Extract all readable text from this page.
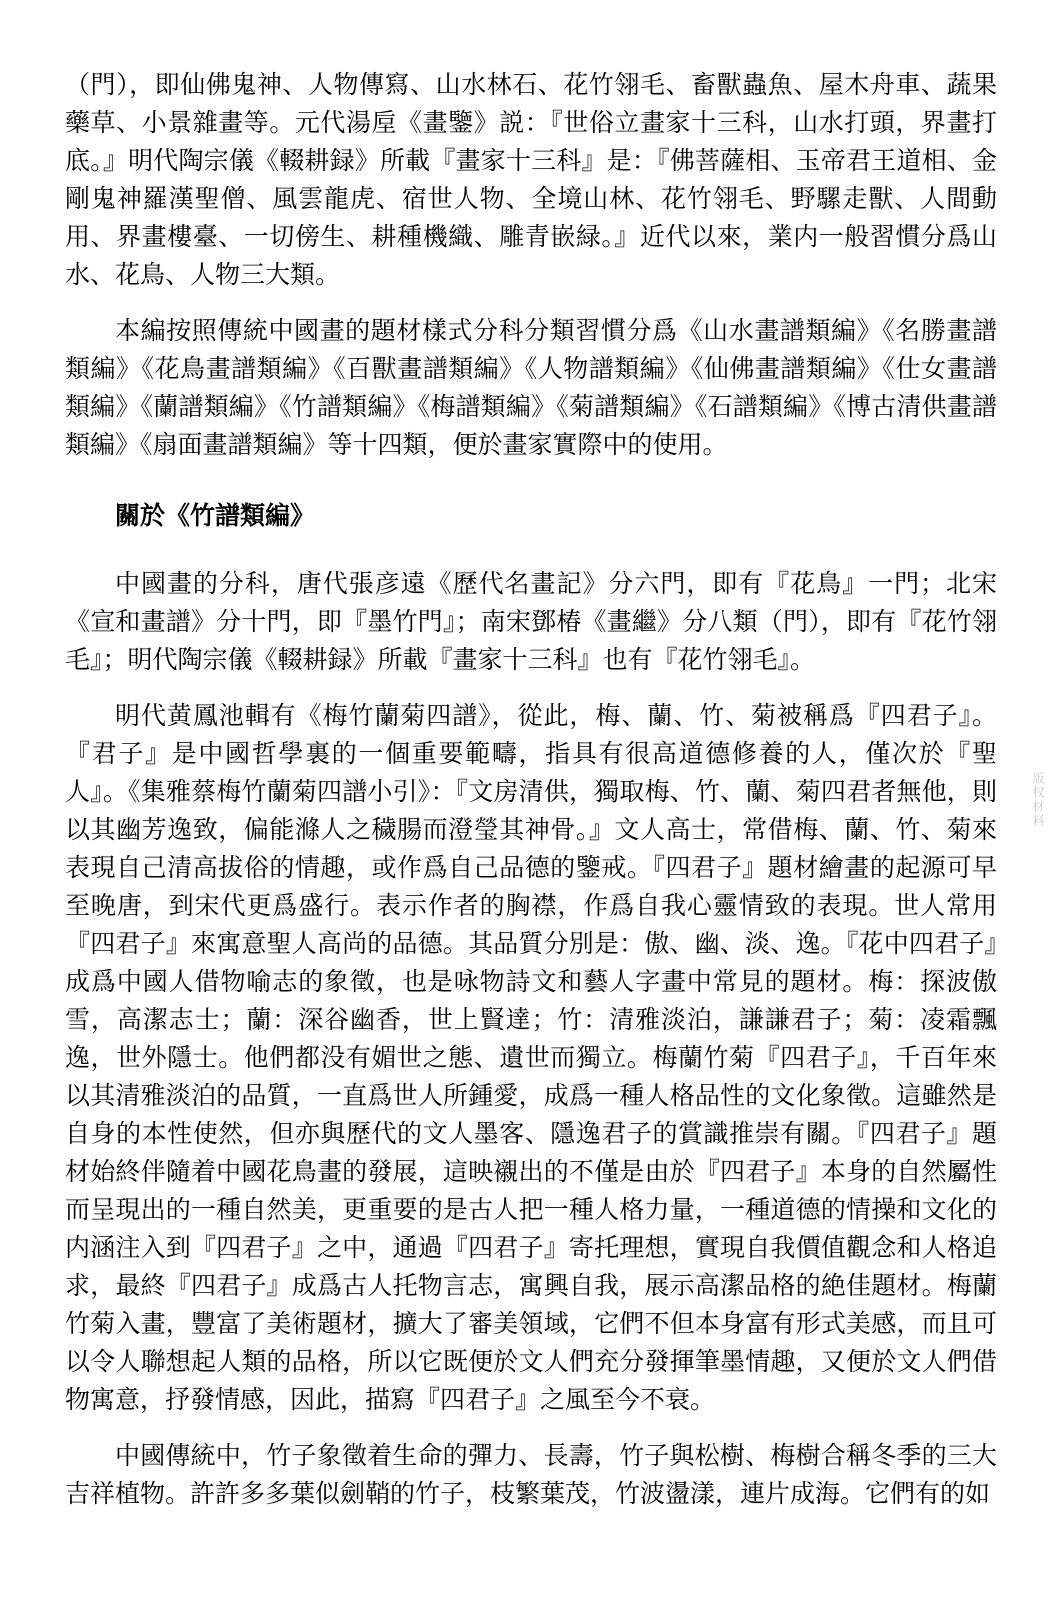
（門），即仙佛鬼神、人物傳寫、山水林石、花竹翎毛、畜獸蟲魚、屋木舟車、蔬果藥草、小景雜畫等。元代湯垕《畫鑒》説：『世俗立畫家十三科，山水打頭，界畫打底。』明代陶宗儀《輟耕録》所載『畫家十三科』是：『佛菩薩相、玉帝君王道相、金剛鬼神羅漢聖僧、風雲龍虎、宿世人物、全境山林、花竹翎毛、野騾走獸、人間動用、界畫樓臺、一切傍生、耕種機織、雕青嵌緑。』近代以來，業内一般習慣分爲山水、花鳥、人物三大類。

本編按照傳統中國畫的題材樣式分科分類習慣分爲《山水畫譜類編》《名勝畫譜類編》《花鳥畫譜類編》《百獸畫譜類編》《人物譜類編》《仙佛畫譜類編》《仕女畫譜類編》《蘭譜類編》《竹譜類編》《梅譜類編》《菊譜類編》《石譜類編》《博古清供畫譜類編》《扇面畫譜類編》等十四類，便於畫家實際中的使用。

關於《竹譜類編》

中國畫的分科，唐代張彦遠《歷代名畫記》分六門，即有『花鳥』一門；北宋《宣和畫譜》分十門，即『墨竹門』；南宋鄧椿《畫繼》分八類（門），即有『花竹翎毛』；明代陶宗儀《輟耕録》所載『畫家十三科』也有『花竹翎毛』。

明代黄鳳池輯有《梅竹蘭菊四譜》，從此，梅、蘭、竹、菊被稱爲『四君子』。『君子』是中國哲學裏的一個重要範疇，指具有很高道德修養的人，僅次於『聖人』。《集雅蔡梅竹蘭菊四譜小引》：『文房清供，獨取梅、竹、蘭、菊四君者無他，則以其幽芳逸致，偏能滌人之穢腸而澄瑩其神骨。』文人高士，常借梅、蘭、竹、菊來表現自己清高拔俗的情趣，或作爲自己品德的鑒戒。『四君子』題材繪畫的起源可早至晚唐，到宋代更爲盛行。表示作者的胸襟，作爲自我心靈情致的表現。世人常用『四君子』來寓意聖人高尚的品德。其品質分別是：傲、幽、淡、逸。『花中四君子』成爲中國人借物喻志的象徵，也是咏物詩文和藝人字畫中常見的題材。梅：探波傲雪，高潔志士；蘭：深谷幽香，世上賢達；竹：清雅淡泊，謙謙君子；菊：凌霜飄逸，世外隱士。他們都没有媚世之態、遺世而獨立。梅蘭竹菊『四君子』，千百年來以其清雅淡泊的品質，一直爲世人所鍾愛，成爲一種人格品性的文化象徵。這雖然是自身的本性使然，但亦與歷代的文人墨客、隱逸君子的賞識推崇有關。『四君子』題材始終伴隨着中國花鳥畫的發展，這映襯出的不僅是由於『四君子』本身的自然屬性而呈現出的一種自然美，更重要的是古人把一種人格力量，一種道德的情操和文化的内涵注入到『四君子』之中，通過『四君子』寄托理想，實現自我價值觀念和人格追求，最終『四君子』成爲古人托物言志，寓興自我，展示高潔品格的絶佳題材。梅蘭竹菊入畫，豐富了美術題材，擴大了審美領域，它們不但本身富有形式美感，而且可以令人聯想起人類的品格，所以它既便於文人們充分發揮筆墨情趣，又便於文人們借物寓意，抒發情感，因此，描寫『四君子』之風至今不衰。

中國傳統中，竹子象徵着生命的彈力、長壽，竹子與松樹、梅樹合稱冬季的三大吉祥植物。許許多多葉似劍鞘的竹子，枝繁葉茂，竹波盪漾，連片成海。它們有的如

版权材料
